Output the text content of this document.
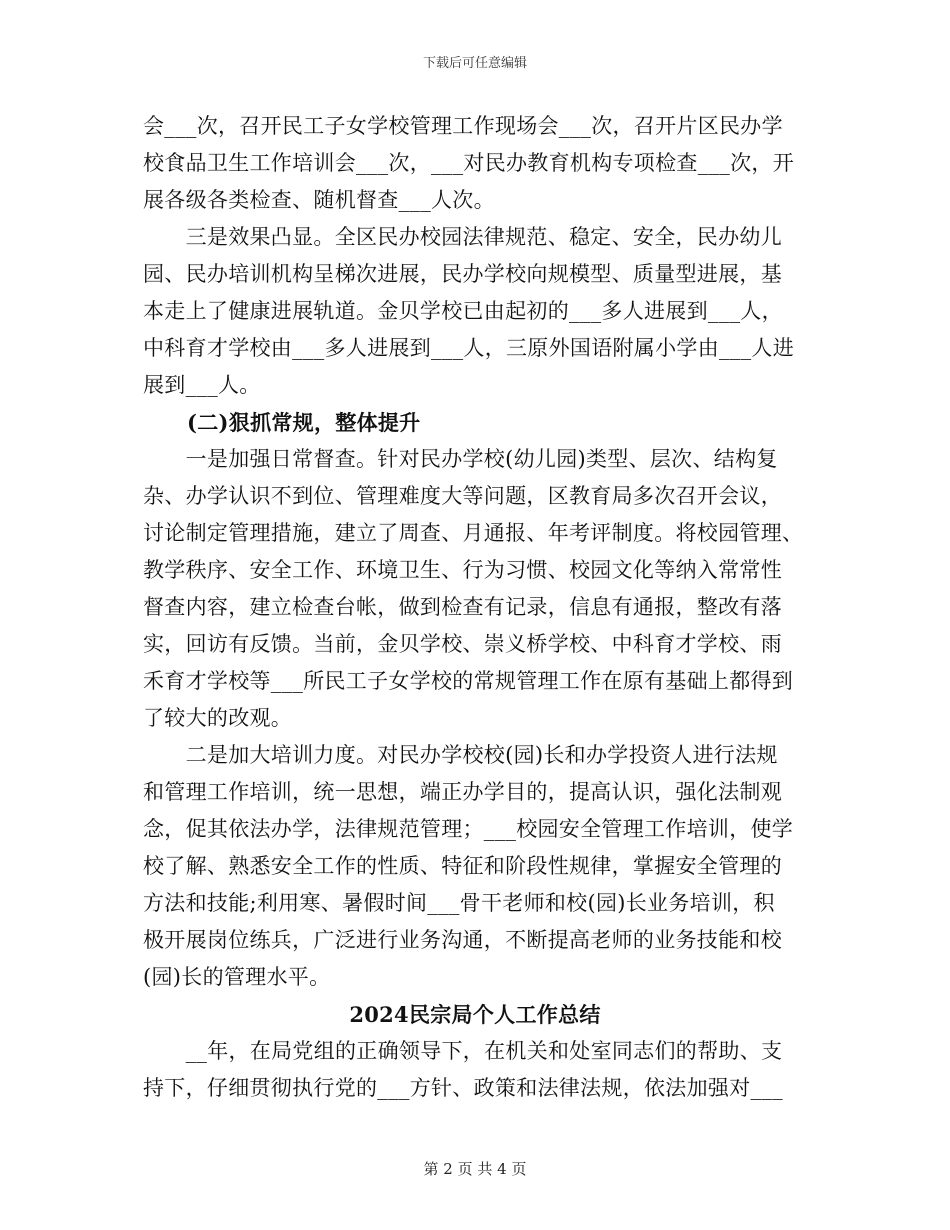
下载后可任意编辑
会___次，召开民工子女学校管理工作现场会___次，召开片区民办学
校食品卫生工作培训会___次，___对民办教育机构专项检查___次，开
展各级各类检查、随机督查___人次。
　　三是效果凸显。全区民办校园法律规范、稳定、安全，民办幼儿
园、民办培训机构呈梯次进展，民办学校向规模型、质量型进展，基
本走上了健康进展轨道。金贝学校已由起初的___多人进展到___人，
中科育才学校由___多人进展到___人，三原外国语附属小学由___人进
展到___人。
(二)狠抓常规，整体提升
　　一是加强日常督查。针对民办学校(幼儿园)类型、层次、结构复
杂、办学认识不到位、管理难度大等问题，区教育局多次召开会议，
讨论制定管理措施，建立了周查、月通报、年考评制度。将校园管理、
教学秩序、安全工作、环境卫生、行为习惯、校园文化等纳入常常性
督查内容，建立检查台帐，做到检查有记录，信息有通报，整改有落
实，回访有反馈。当前，金贝学校、崇义桥学校、中科育才学校、雨
禾育才学校等___所民工子女学校的常规管理工作在原有基础上都得到
了较大的改观。
　　二是加大培训力度。对民办学校校(园)长和办学投资人进行法规
和管理工作培训，统一思想，端正办学目的，提高认识，强化法制观
念，促其依法办学，法律规范管理；___校园安全管理工作培训，使学
校了解、熟悉安全工作的性质、特征和阶段性规律，掌握安全管理的
方法和技能;利用寒、暑假时间___骨干老师和校(园)长业务培训，积
极开展岗位练兵，广泛进行业务沟通，不断提高老师的业务技能和校
(园)长的管理水平。
2024民宗局个人工作总结
　　__年，在局党组的正确领导下，在机关和处室同志们的帮助、支
持下，仔细贯彻执行党的___方针、政策和法律法规，依法加强对___
第 2 页 共 4 页
